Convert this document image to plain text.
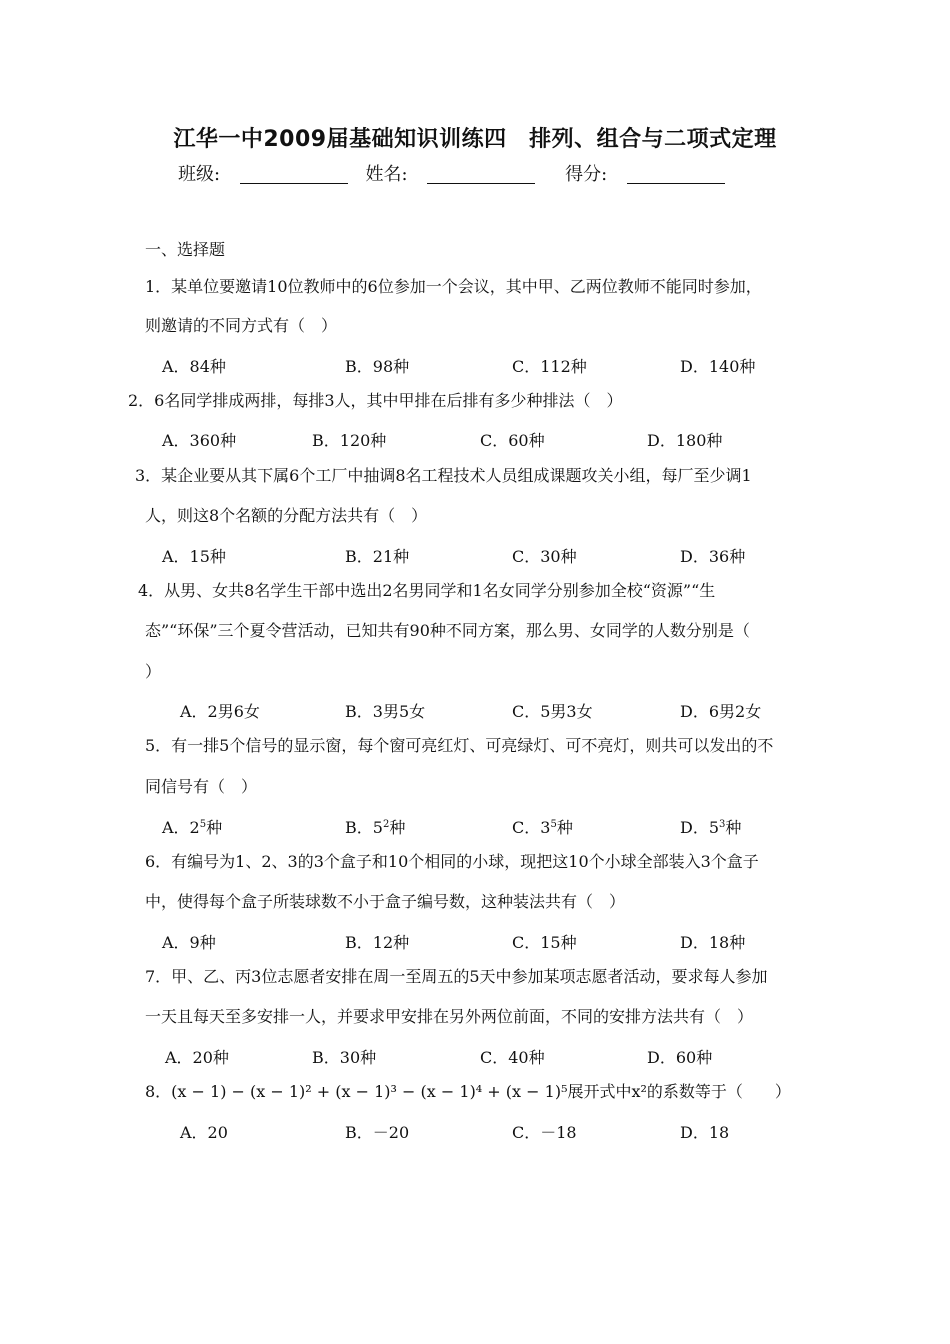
江华一中2009届基础知识训练四　排列、组合与二项式定理
班级:	姓名:	得分:
一、选择题
1．某单位要邀请10位教师中的6位参加一个会议，其中甲、乙两位教师不能同时参加，
则邀请的不同方式有（　）
A．84种	B．98种	C．112种	D．140种
2．6名同学排成两排，每排3人，其中甲排在后排有多少种排法（　）
A．360种	B．120种	C．60种	D．180种
3．某企业要从其下属6个工厂中抽调8名工程技术人员组成课题攻关小组，每厂至少调1
人，则这8个名额的分配方法共有（　）
A．15种	B．21种	C．30种	D．36种
4．从男、女共8名学生干部中选出2名男同学和1名女同学分别参加全校“资源”“生
态”“环保”三个夏令营活动，已知共有90种不同方案，那么男、女同学的人数分别是（
）
A．2男6女	B．3男5女	C．5男3女	D．6男2女
5．有一排5个信号的显示窗，每个窗可亮红灯、可亮绿灯、可不亮灯，则共可以发出的不
同信号有（　）
A．$2^5$种	B．$5^2$种	C．$3^5$种	D．$5^3$种
6．有编号为1、2、3的3个盒子和10个相同的小球，现把这10个小球全部装入3个盒子
中，使得每个盒子所装球数不小于盒子编号数，这种装法共有（　）
A．9种	B．12种	C．15种	D．18种
7．甲、乙、丙3位志愿者安排在周一至周五的5天中参加某项志愿者活动，要求每人参加
一天且每天至多安排一人，并要求甲安排在另外两位前面，不同的安排方法共有（　）
A．20种	B．30种	C．40种	D．60种
8．(x − 1) − (x − 1)² + (x − 1)³ − (x − 1)⁴ + (x − 1)⁵展开式中x²的系数等于（　　）
A．20	B．－20	C．－18	D．18
